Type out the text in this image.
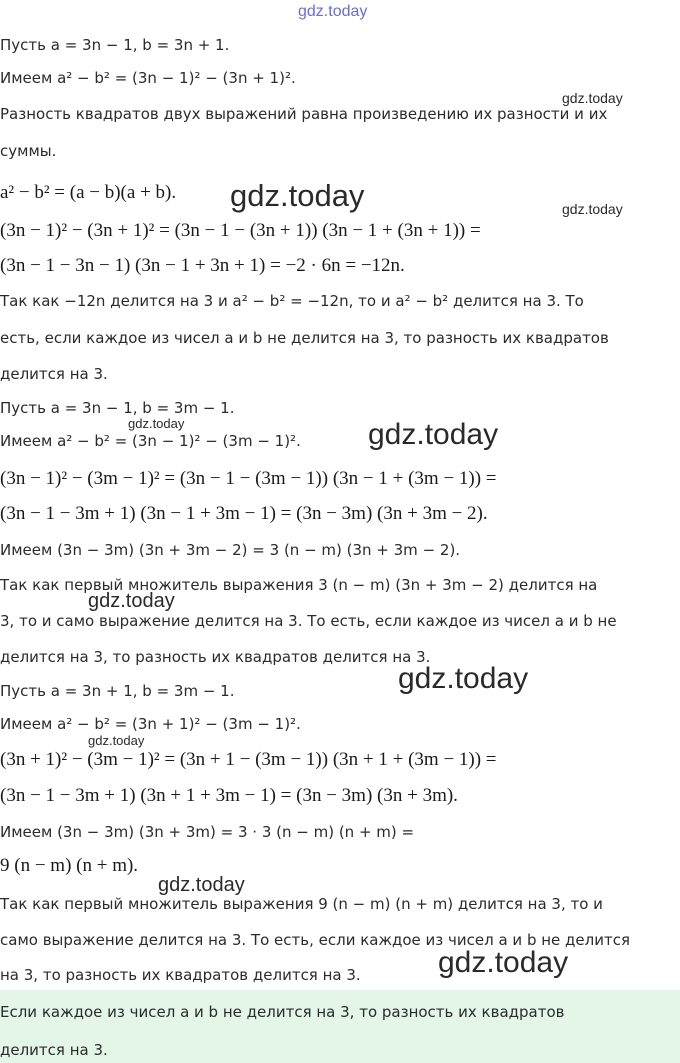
gdz.today
gdz.today
Пусть a = 3n − 1, b = 3n + 1.
Имеем a² − b² = (3n − 1)² − (3n + 1)².
Разность квадратов двух выражений равна произведению их разности и их
суммы.
a² − b² = (a − b)(a + b). gdz.today	gdz.today
(3n − 1)² − (3n + 1)² = (3n − 1 − (3n + 1)) (3n − 1 + (3n + 1)) =
(3n − 1 − 3n − 1) (3n − 1 + 3n + 1) = −2 · 6n = −12n.
Так как −12n делится на 3 и a² − b² = −12n, то и a² − b² делится на 3. То
есть, если каждое из чисел a и b не делится на 3, то разность их квадратов
делится на 3.
Пусть a = 3n − 1, b = 3m − 1.
gdz.today
Имеем a² − b² = (3n − 1)² − (3m − 1)². gdz.today
(3n − 1)² − (3m − 1)² = (3n − 1 − (3m − 1)) (3n − 1 + (3m − 1)) =
(3n − 1 − 3m + 1) (3n − 1 + 3m − 1) = (3n − 3m) (3n + 3m − 2).
Имеем (3n − 3m) (3n + 3m − 2) = 3 (n − m) (3n + 3m − 2).
Так как первый множитель выражения 3 (n − m) (3n + 3m − 2) делится на
gdz.today
3, то и само выражение делится на 3. То есть, если каждое из чисел a и b не
делится на 3, то разность их квадратов делится на 3.
gdz.today
Пусть a = 3n + 1, b = 3m − 1.
Имеем a² − b² = (3n + 1)² − (3m − 1)².
gdz.today
(3n + 1)² − (3m − 1)² = (3n + 1 − (3m − 1)) (3n + 1 + (3m − 1)) =
(3n − 1 − 3m + 1) (3n + 1 + 3m − 1) = (3n − 3m) (3n + 3m).
Имеем (3n − 3m) (3n + 3m) = 3 · 3 (n − m) (n + m) =
9 (n − m) (n + m).
gdz.today
Так как первый множитель выражения 9 (n − m) (n + m) делится на 3, то и
само выражение делится на 3. То есть, если каждое из чисел a и b не делится
на 3, то разность их квадратов делится на 3.	gdz.today
Если каждое из чисел a и b не делится на 3, то разность их квадратов
делится на 3.
